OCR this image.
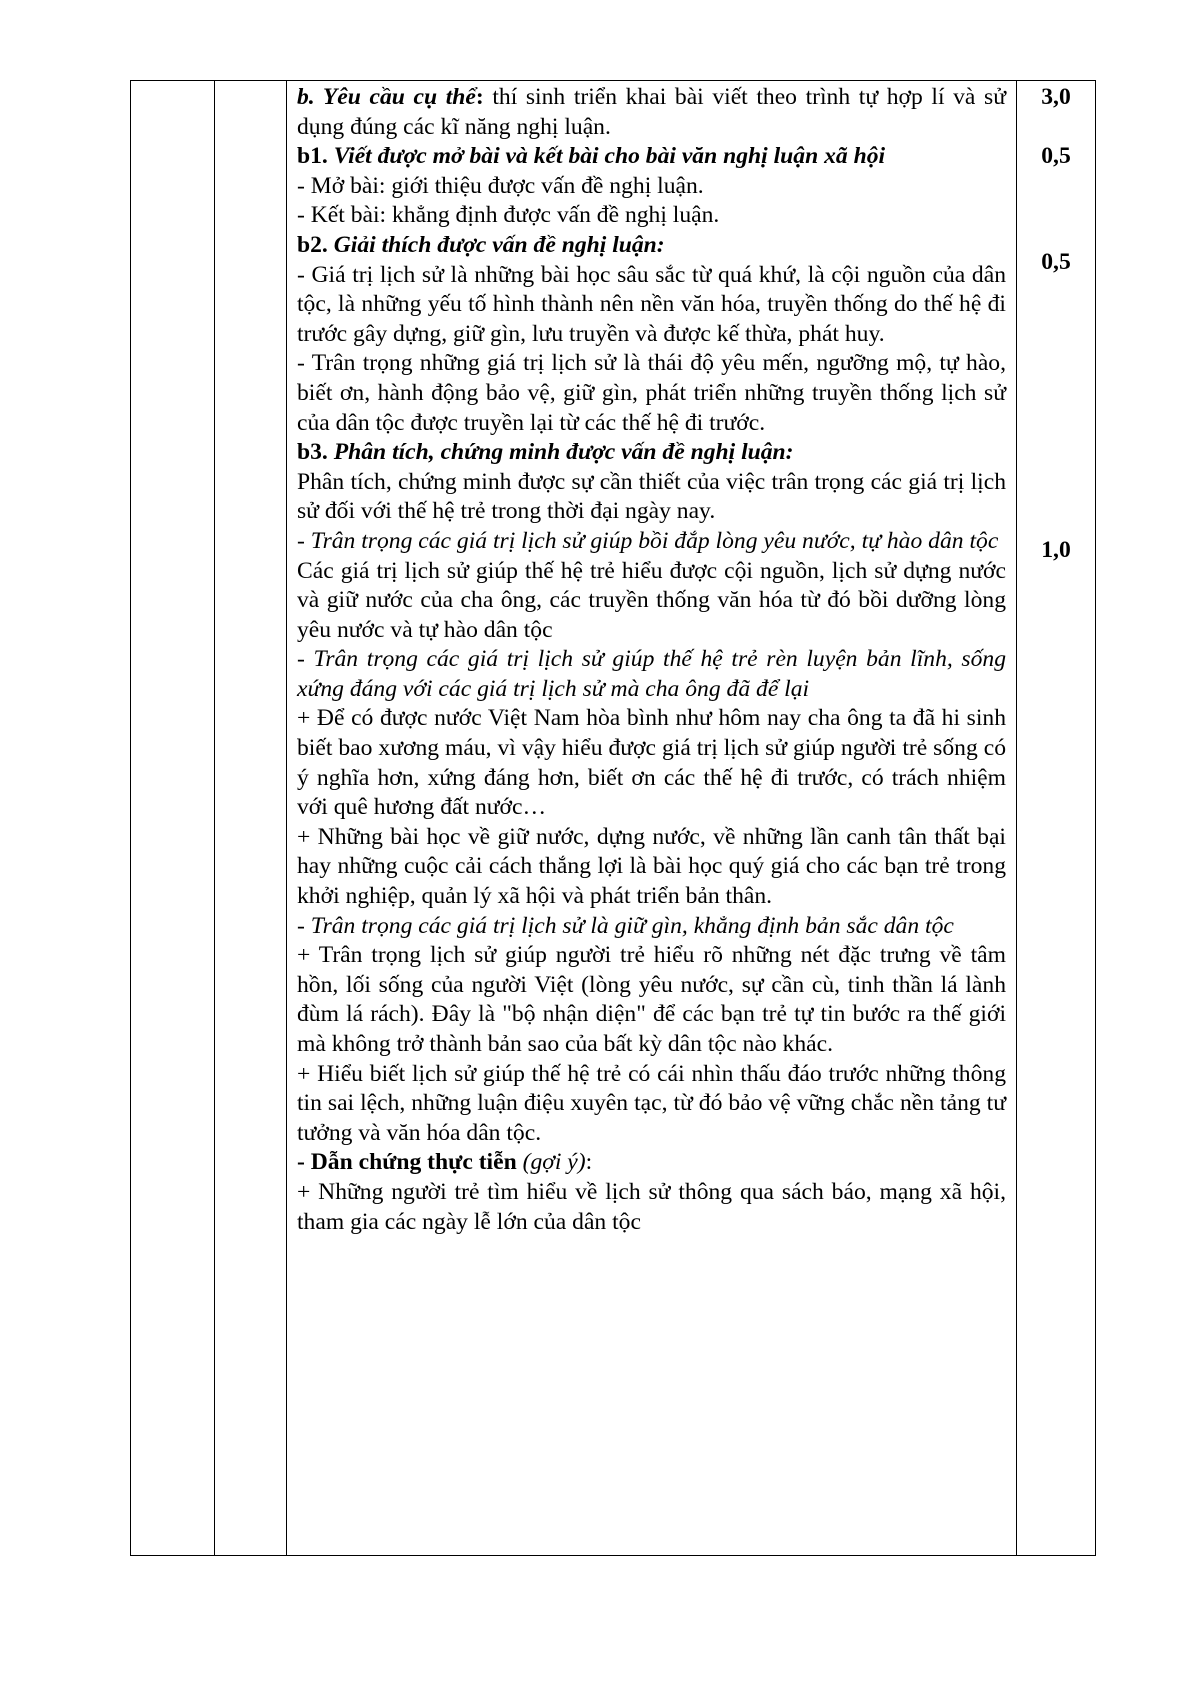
b. Yêu cầu cụ thể: thí sinh triển khai bài viết theo trình tự hợp lí và sử dụng đúng các kĩ năng nghị luận.

b1. Viết được mở bài và kết bài cho bài văn nghị luận xã hội

- Mở bài: giới thiệu được vấn đề nghị luận.

- Kết bài: khẳng định được vấn đề nghị luận.

b2. Giải thích được vấn đề nghị luận:

- Giá trị lịch sử là những bài học sâu sắc từ quá khứ, là cội nguồn của dân tộc, là những yếu tố hình thành nên nền văn hóa, truyền thống do thế hệ đi trước gây dựng, giữ gìn, lưu truyền và được kế thừa, phát huy.

- Trân trọng những giá trị lịch sử là thái độ yêu mến, ngưỡng mộ, tự hào, biết ơn, hành động bảo vệ, giữ gìn, phát triển những truyền thống lịch sử của dân tộc được truyền lại từ các thế hệ đi trước.

b3. Phân tích, chứng minh được vấn đề nghị luận:

Phân tích, chứng minh được sự cần thiết của việc trân trọng các giá trị lịch sử đối với thế hệ trẻ trong thời đại ngày nay.

- Trân trọng các giá trị lịch sử giúp bồi đắp lòng yêu nước, tự hào dân tộc

Các giá trị lịch sử giúp thế hệ trẻ hiểu được cội nguồn, lịch sử dựng nước và giữ nước của cha ông, các truyền thống văn hóa từ đó bồi dưỡng lòng yêu nước và tự hào dân tộc

- Trân trọng các giá trị lịch sử giúp thế hệ trẻ rèn luyện bản lĩnh, sống xứng đáng với các giá trị lịch sử mà cha ông đã để lại

+ Để có được nước Việt Nam hòa bình như hôm nay cha ông ta đã hi sinh biết bao xương máu, vì vậy hiểu được giá trị lịch sử giúp người trẻ sống có ý nghĩa hơn, xứng đáng hơn, biết ơn các thế hệ đi trước, có trách nhiệm với quê hương đất nước…

+ Những bài học về giữ nước, dựng nước, về những lần canh tân thất bại hay những cuộc cải cách thắng lợi là bài học quý giá cho các bạn trẻ trong khởi nghiệp, quản lý xã hội và phát triển bản thân.

- Trân trọng các giá trị lịch sử là giữ gìn, khẳng định bản sắc dân tộc

+ Trân trọng lịch sử giúp người trẻ hiểu rõ những nét đặc trưng về tâm hồn, lối sống của người Việt (lòng yêu nước, sự cần cù, tinh thần lá lành đùm lá rách). Đây là "bộ nhận diện" để các bạn trẻ tự tin bước ra thế giới mà không trở thành bản sao của bất kỳ dân tộc nào khác.

+ Hiểu biết lịch sử giúp thế hệ trẻ có cái nhìn thấu đáo trước những thông tin sai lệch, những luận điệu xuyên tạc, từ đó bảo vệ vững chắc nền tảng tư tưởng và văn hóa dân tộc.

- Dẫn chứng thực tiễn (gợi ý):

+ Những người trẻ tìm hiểu về lịch sử thông qua sách báo, mạng xã hội, tham gia các ngày lễ lớn của dân tộc

3,0
0,5
0,5
1,0
